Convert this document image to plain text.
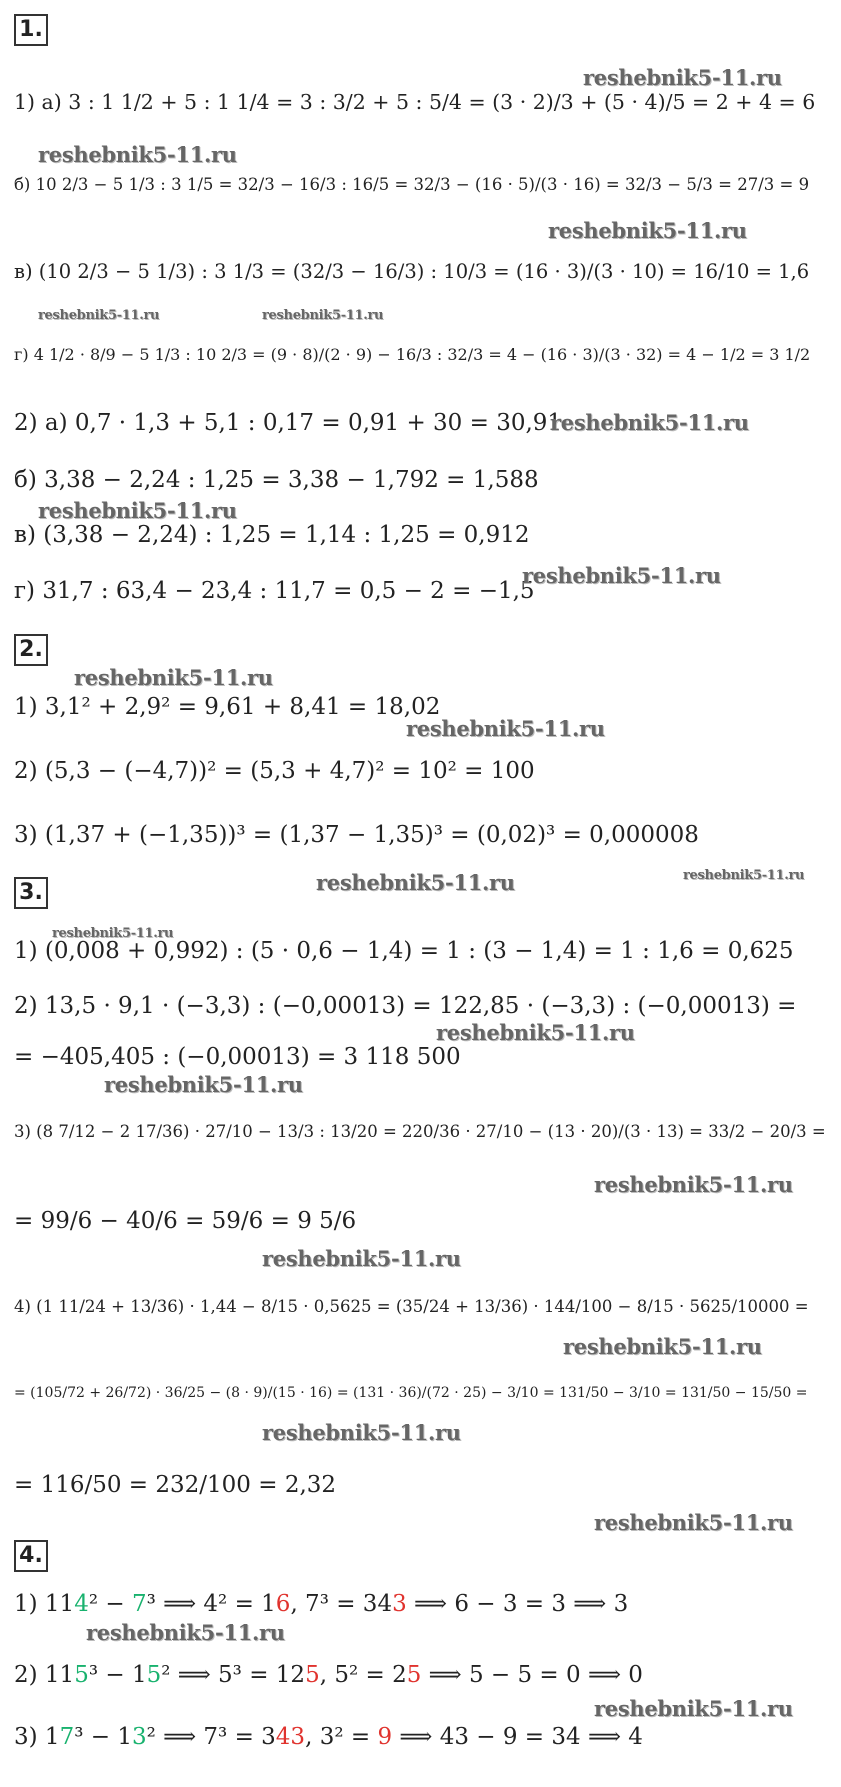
1.
2.
3.
4.
1) а) 3 : 1 1/2 + 5 : 1 1/4 = 3 : 3/2 + 5 : 5/4 = (3 · 2)/3 + (5 · 4)/5 = 2 + 4 = 6
б) 10 2/3 − 5 1/3 : 3 1/5 = 32/3 − 16/3 : 16/5 = 32/3 − (16 · 5)/(3 · 16) = 32/3 − 5/3 = 27/3 = 9
в) (10 2/3 − 5 1/3) : 3 1/3 = (32/3 − 16/3) : 10/3 = (16 · 3)/(3 · 10) = 16/10 = 1,6
г) 4 1/2 · 8/9 − 5 1/3 : 10 2/3 = (9 · 8)/(2 · 9) − 16/3 : 32/3 = 4 − (16 · 3)/(3 · 32) = 4 − 1/2 = 3 1/2
2) а) 0,7 · 1,3 + 5,1 : 0,17 = 0,91 + 30 = 30,91
б) 3,38 − 2,24 : 1,25 = 3,38 − 1,792 = 1,588
в) (3,38 − 2,24) : 1,25 = 1,14 : 1,25 = 0,912
г) 31,7 : 63,4 − 23,4 : 11,7 = 0,5 − 2 = −1,5
1) 3,1² + 2,9² = 9,61 + 8,41 = 18,02
2) (5,3 − (−4,7))² = (5,3 + 4,7)² = 10² = 100
3) (1,37 + (−1,35))³ = (1,37 − 1,35)³ = (0,02)³ = 0,000008
1) (0,008 + 0,992) : (5 · 0,6 − 1,4) = 1 : (3 − 1,4) = 1 : 1,6 = 0,625
2) 13,5 · 9,1 · (−3,3) : (−0,00013) = 122,85 · (−3,3) : (−0,00013) =
= −405,405 : (−0,00013) = 3 118 500
3) (8 7/12 − 2 17/36) · 27/10 − 13/3 : 13/20 = 220/36 · 27/10 − (13 · 20)/(3 · 13) = 33/2 − 20/3 =
= 99/6 − 40/6 = 59/6 = 9 5/6
4) (1 11/24 + 13/36) · 1,44 − 8/15 · 0,5625 = (35/24 + 13/36) · 144/100 − 8/15 · 5625/10000 =
= (105/72 + 26/72) · 36/25 − (8 · 9)/(15 · 16) = (131 · 36)/(72 · 25) − 3/10 = 131/50 − 3/10 = 131/50 − 15/50 =
= 116/50 = 232/100 = 2,32
1) 114² − 7³ ⟹ 4² = 16, 7³ = 343 ⟹ 6 − 3 = 3 ⟹ 3
2) 115³ − 15² ⟹ 5³ = 125, 5² = 25 ⟹ 5 − 5 = 0 ⟹ 0
3) 17³ − 13² ⟹ 7³ = 343, 3² = 9 ⟹ 43 − 9 = 34 ⟹ 4
reshebnik5-11.ru
reshebnik5-11.ru
reshebnik5-11.ru
reshebnik5-11.ru	reshebnik5-11.ru
reshebnik5-11.ru
reshebnik5-11.ru
reshebnik5-11.ru
reshebnik5-11.ru
reshebnik5-11.ru
reshebnik5-11.ru	reshebnik5-11.ru
reshebnik5-11.ru
reshebnik5-11.ru
reshebnik5-11.ru
reshebnik5-11.ru
reshebnik5-11.ru
reshebnik5-11.ru
reshebnik5-11.ru
reshebnik5-11.ru
reshebnik5-11.ru
reshebnik5-11.ru
